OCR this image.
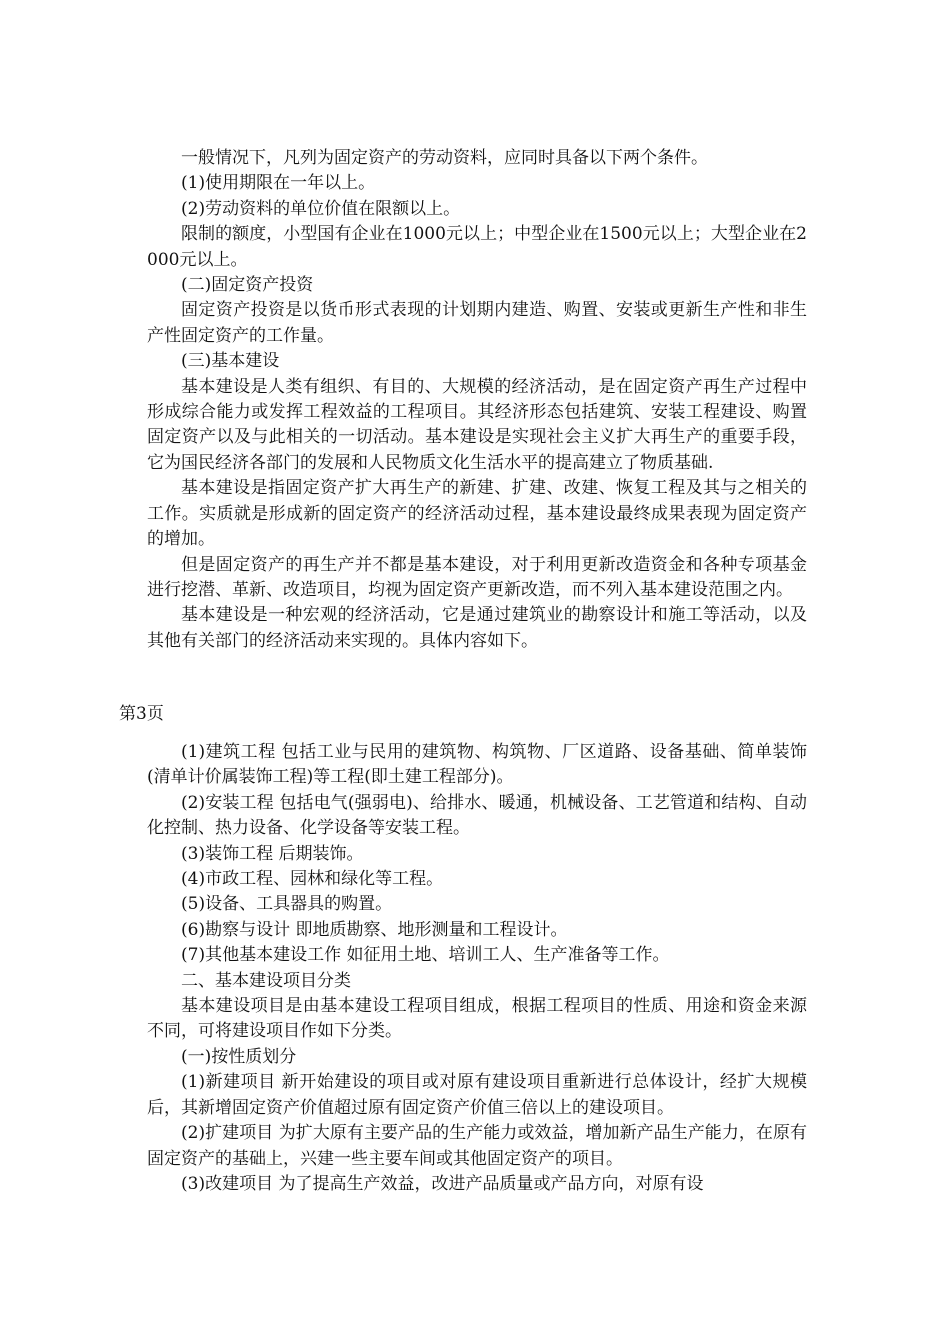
一般情况下，凡列为固定资产的劳动资料，应同时具备以下两个条件。

(1)使用期限在一年以上。

(2)劳动资料的单位价值在限额以上。

限制的额度，小型国有企业在1000元以上；中型企业在1500元以上；大型企业在2000元以上。

(二)固定资产投资

固定资产投资是以货币形式表现的计划期内建造、购置、安装或更新生产性和非生产性固定资产的工作量。

(三)基本建设

基本建设是人类有组织、有目的、大规模的经济活动，是在固定资产再生产过程中形成综合能力或发挥工程效益的工程项目。其经济形态包括建筑、安装工程建设、购置固定资产以及与此相关的一切活动。基本建设是实现社会主义扩大再生产的重要手段，它为国民经济各部门的发展和人民物质文化生活水平的提高建立了物质基础.

基本建设是指固定资产扩大再生产的新建、扩建、改建、恢复工程及其与之相关的工作。实质就是形成新的固定资产的经济活动过程，基本建设最终成果表现为固定资产的增加。

但是固定资产的再生产并不都是基本建设，对于利用更新改造资金和各种专项基金进行挖潜、革新、改造项目，均视为固定资产更新改造，而不列入基本建设范围之内。

基本建设是一种宏观的经济活动，它是通过建筑业的勘察设计和施工等活动，以及其他有关部门的经济活动来实现的。具体内容如下。

第3页

(1)建筑工程 包括工业与民用的建筑物、构筑物、厂区道路、设备基础、简单装饰(清单计价属装饰工程)等工程(即土建工程部分)。

(2)安装工程 包括电气(强弱电)、给排水、暖通，机械设备、工艺管道和结构、自动化控制、热力设备、化学设备等安装工程。

(3)装饰工程 后期装饰。

(4)市政工程、园林和绿化等工程。

(5)设备、工具器具的购置。

(6)勘察与设计 即地质勘察、地形测量和工程设计。

(7)其他基本建设工作 如征用土地、培训工人、生产准备等工作。

二、基本建设项目分类

基本建设项目是由基本建设工程项目组成，根据工程项目的性质、用途和资金来源不同，可将建设项目作如下分类。

(一)按性质划分

(1)新建项目 新开始建设的项目或对原有建设项目重新进行总体设计，经扩大规模后，其新增固定资产价值超过原有固定资产价值三倍以上的建设项目。

(2)扩建项目 为扩大原有主要产品的生产能力或效益，增加新产品生产能力，在原有固定资产的基础上，兴建一些主要车间或其他固定资产的项目。

(3)改建项目 为了提高生产效益，改进产品质量或产品方向，对原有设
